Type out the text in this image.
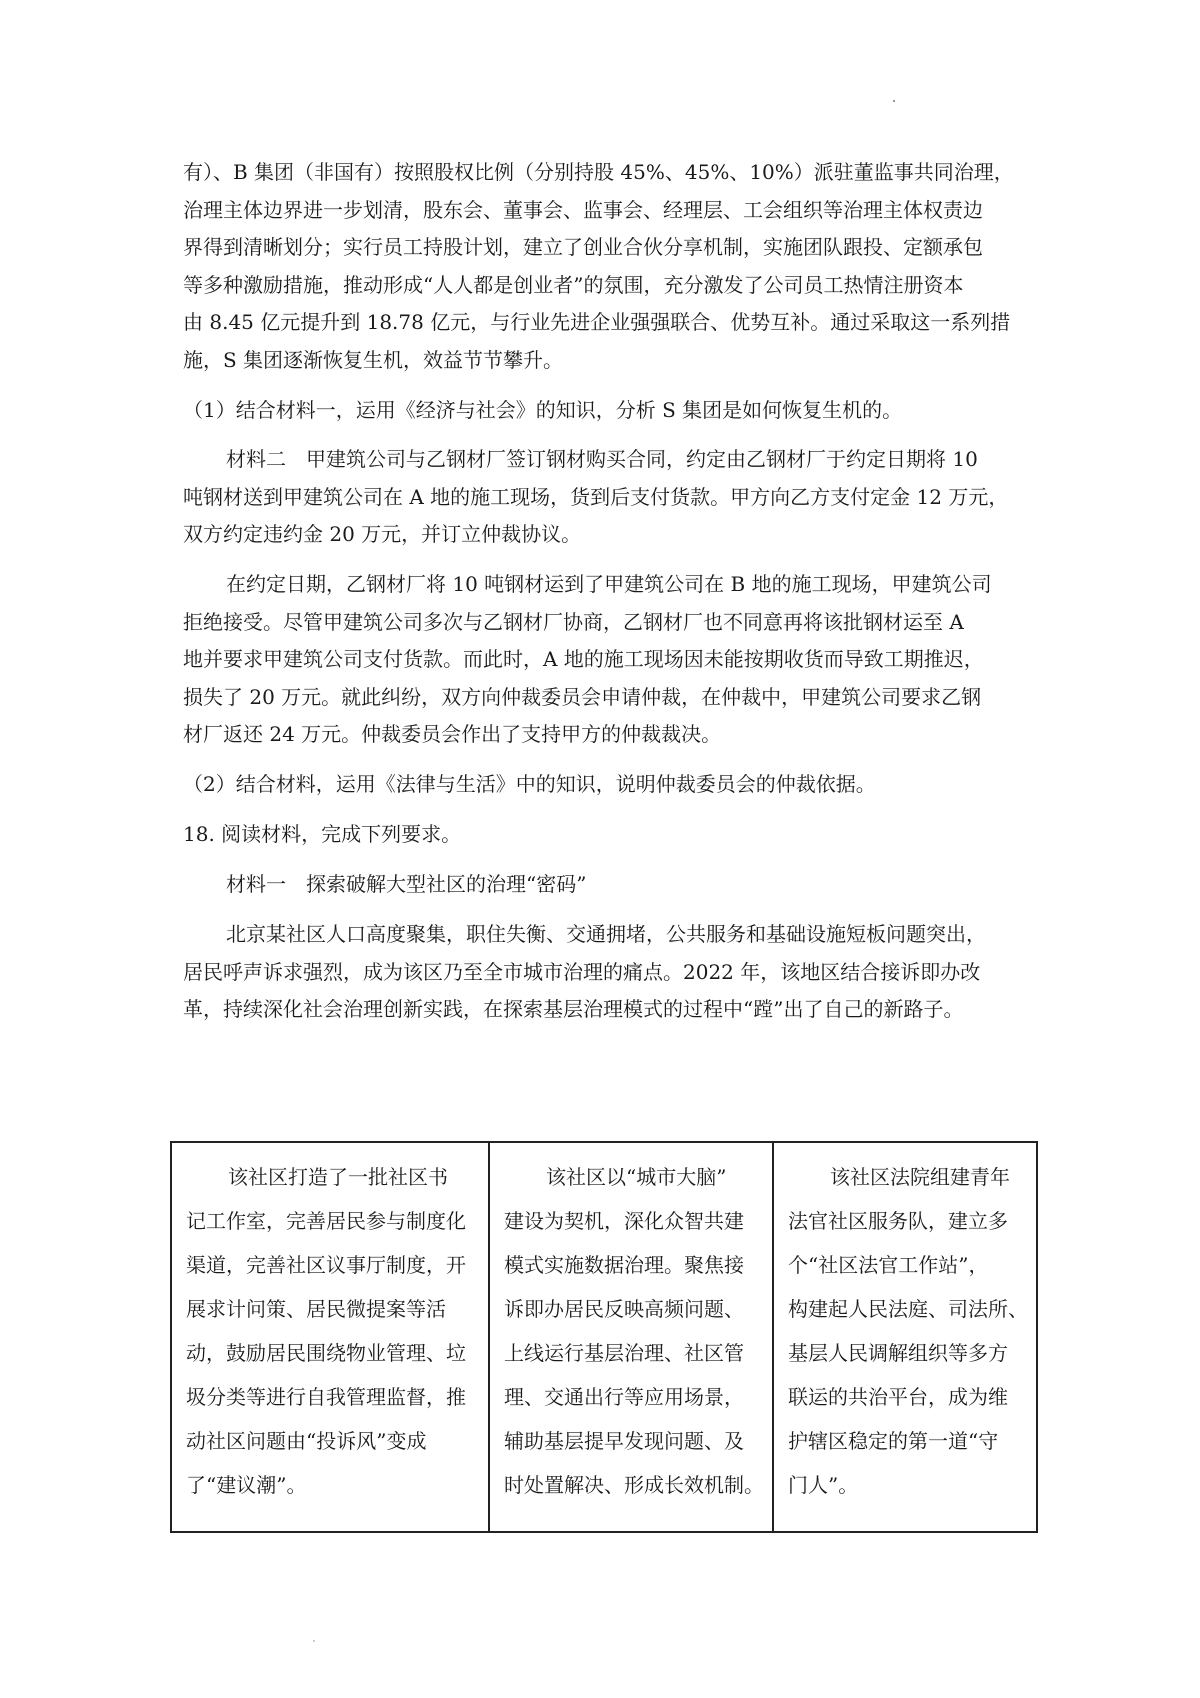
有）、B 集团（非国有）按照股权比例（分别持股 45%、45%、10%）派驻董监事共同治理，
治理主体边界进一步划清，股东会、董事会、监事会、经理层、工会组织等治理主体权责边
界得到清晰划分；实行员工持股计划，建立了创业合伙分享机制，实施团队跟投、定额承包
等多种激励措施，推动形成“人人都是创业者”的氛围，充分激发了公司员工热情注册资本
由 8.45 亿元提升到 18.78 亿元，与行业先进企业强强联合、优势互补。通过采取这一系列措
施，S 集团逐渐恢复生机，效益节节攀升。
（1）结合材料一，运用《经济与社会》的知识，分析 S 集团是如何恢复生机的。
材料二　甲建筑公司与乙钢材厂签订钢材购买合同，约定由乙钢材厂于约定日期将 10
吨钢材送到甲建筑公司在 A 地的施工现场，货到后支付货款。甲方向乙方支付定金 12 万元，
双方约定违约金 20 万元，并订立仲裁协议。
在约定日期，乙钢材厂将 10 吨钢材运到了甲建筑公司在 B 地的施工现场，甲建筑公司
拒绝接受。尽管甲建筑公司多次与乙钢材厂协商，乙钢材厂也不同意再将该批钢材运至 A
地并要求甲建筑公司支付货款。而此时，A 地的施工现场因未能按期收货而导致工期推迟，
损失了 20 万元。就此纠纷，双方向仲裁委员会申请仲裁，在仲裁中，甲建筑公司要求乙钢
材厂返还 24 万元。仲裁委员会作出了支持甲方的仲裁裁决。
（2）结合材料，运用《法律与生活》中的知识，说明仲裁委员会的仲裁依据。
18. 阅读材料，完成下列要求。
材料一　探索破解大型社区的治理“密码”
北京某社区人口高度聚集，职住失衡、交通拥堵，公共服务和基础设施短板问题突出，
居民呼声诉求强烈，成为该区乃至全市城市治理的痛点。2022 年，该地区结合接诉即办改
革，持续深化社会治理创新实践，在探索基层治理模式的过程中“蹚”出了自己的新路子。
该社区打造了一批社区书
记工作室，完善居民参与制度化
渠道，完善社区议事厅制度，开
展求计问策、居民微提案等活
动，鼓励居民围绕物业管理、垃
圾分类等进行自我管理监督，推
动社区问题由“投诉风”变成
了“建议潮”。
该社区以“城市大脑”
建设为契机，深化众智共建
模式实施数据治理。聚焦接
诉即办居民反映高频问题、
上线运行基层治理、社区管
理、交通出行等应用场景，
辅助基层提早发现问题、及
时处置解决、形成长效机制。
该社区法院组建青年
法官社区服务队，建立多
个“社区法官工作站”，
构建起人民法庭、司法所、
基层人民调解组织等多方
联运的共治平台，成为维
护辖区稳定的第一道“守
门人”。
